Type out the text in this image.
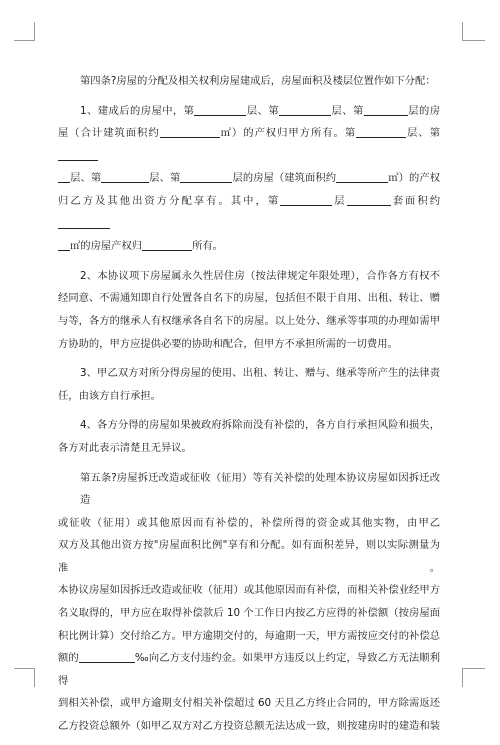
第四条?房屋的分配及相关权利房屋建成后，房屋面积及楼层位置作如下分配：
1、建成后的房屋中，第	层、第	层、第	层的房
屋（合计建筑面积约	㎡）的产权归甲方所有。第	层、第
层、第	层、第	层的房屋（建筑面积约	㎡）的产权
归乙方及其他出资方分配享有。其中，第	层	套面积约
㎡的房屋产权归	所有。
2、本协议项下房屋属永久性居住房（按法律规定年限处理），合作各方有权不
经同意、不需通知即自行处置各自名下的房屋，包括但不限于自用、出租、转让、赠
与等，各方的继承人有权继承各自名下的房屋。以上处分、继承等事项的办理如需甲
方协助的，甲方应提供必要的协助和配合，但甲方不承担所需的一切费用。
3、甲乙双方对所分得房屋的使用、出租、转让、赠与、继承等所产生的法律责
任，由该方自行承担。
4、各方分得的房屋如果被政府拆除而没有补偿的，各方自行承担风险和损失，
各方对此表示清楚且无异议。
第五条?房屋拆迁改造或征收（征用）等有关补偿的处理本协议房屋如因拆迁改造
或征收（征用）或其他原因而有补偿的，补偿所得的资金或其他实物，由甲乙
双方及其他出资方按"房屋面积比例"享有和分配。如有面积差异，则以实际测量为准。
本协议房屋如因拆迁改造或征收（征用）或其他原因而有补偿，而相关补偿业经甲方
名义取得的，甲方应在取得补偿款后 10 个工作日内按乙方应得的补偿额（按房屋面
积比例计算）交付给乙方。甲方逾期交付的，每逾期一天，甲方需按应交付的补偿总
额的	‰向乙方支付违约金。如果甲方违反以上约定，导致乙方无法顺利得
到相关补偿，或甲方逾期支付相关补偿超过 60 天且乙方终止合同的，甲方除需返还
乙方投资总额外（如甲乙双方对乙方投资总额无法达成一致，则按建房时的建造和装
